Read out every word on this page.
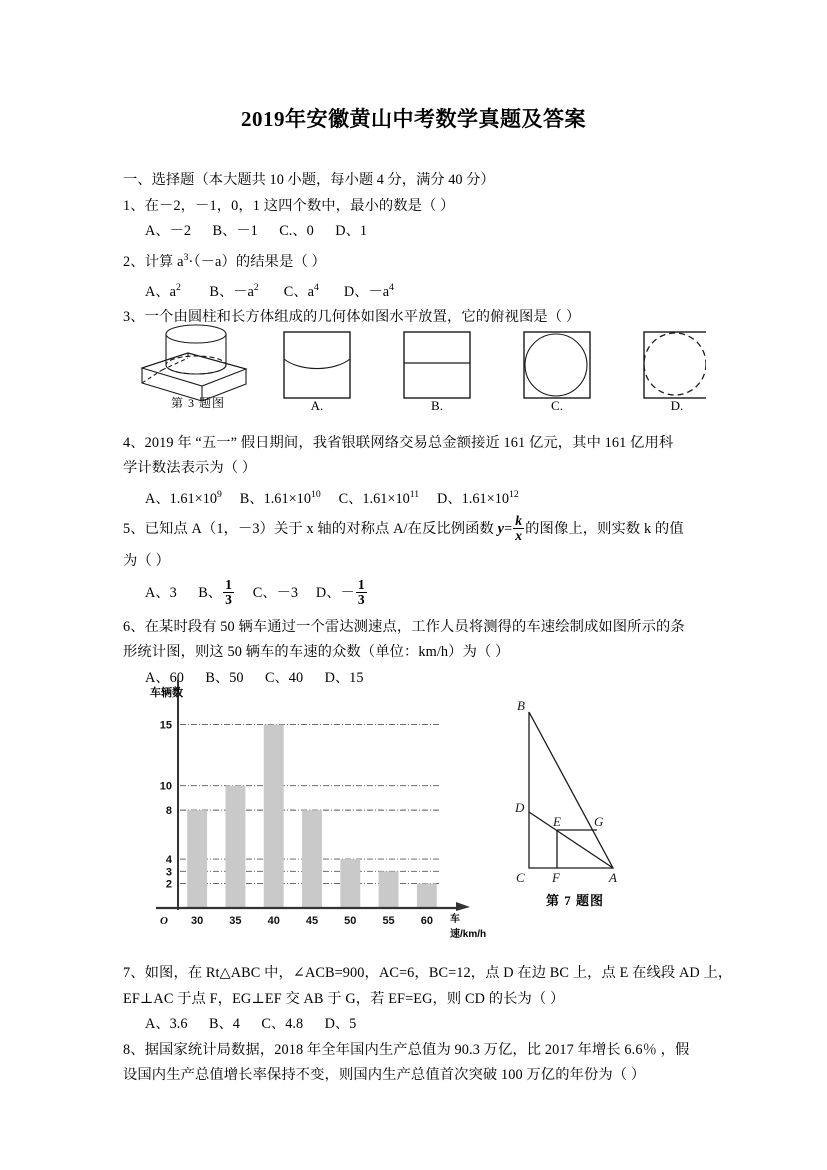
2019年安徽黄山中考数学真题及答案
一、选择题（本大题共 10 小题，每小题 4 分，满分 40 分）
1、在－2，－1，0，1 这四个数中，最小的数是（ ）
A、－2 B、－1 C.、0 D、1
2、计算 $a^3\cdot(-a)$的结果是（ ）
A、$a^2$ B、$-a^2$ C、$a^4$ D、$-a^4$
3、一个由圆柱和长方体组成的几何体如图水平放置，它的俯视图是（ ）
4、2019 年 “五一” 假日期间，我省银联网络交易总金额接近 161 亿元，其中 161 亿用科
学计数法表示为（ ）
A、$1.61\times 10^9$ B、$1.61\times 10^{10}$ C、$1.61\times 10^{11}$ D、$1.61\times 10^{12}$
5、已知点 A（1，－3）关于 x 轴的对称点 A/在反比例函数 $y= \frac{k}{x}$ 的图像上，则实数 k 的值
为（ ）
A、3 B、 $\frac{1}{3}$ C、－3 D、－ $\frac{1}{3}$
6、在某时段有 50 辆车通过一个雷达测速点，工作人员将测得的车速绘制成如图所示的条
形统计图，则这 50 辆车的车速的众数（单位：km/h）为（ ）
A、60 B、50 C、40 D、15
7、如图，在 Rt△ABC 中，∠ACB=900，AC=6，BC=12，点 D 在边 BC 上，点 E 在线段 AD 上，
EF⊥AC 于点 F，EG⊥EF 交 AB 于 G，若 EF=EG，则 CD 的长为（ ）
A、3.6 B、4 C、4.8 D、5
8、据国家统计局数据，2018 年全年国内生产总值为 90.3 万亿，比 2017 年增长 6.6％ ，假
设国内生产总值增长率保持不变，则国内生产总值首次突破 100 万亿的年份为（ ）
第 3 题图	A.	B.	C.	D.
2
3
4
8
10
15
30 35 40 45 50 55 60
O
车辆数
车速/km/h
B
D
E	G
C F	A
第 7 题图
